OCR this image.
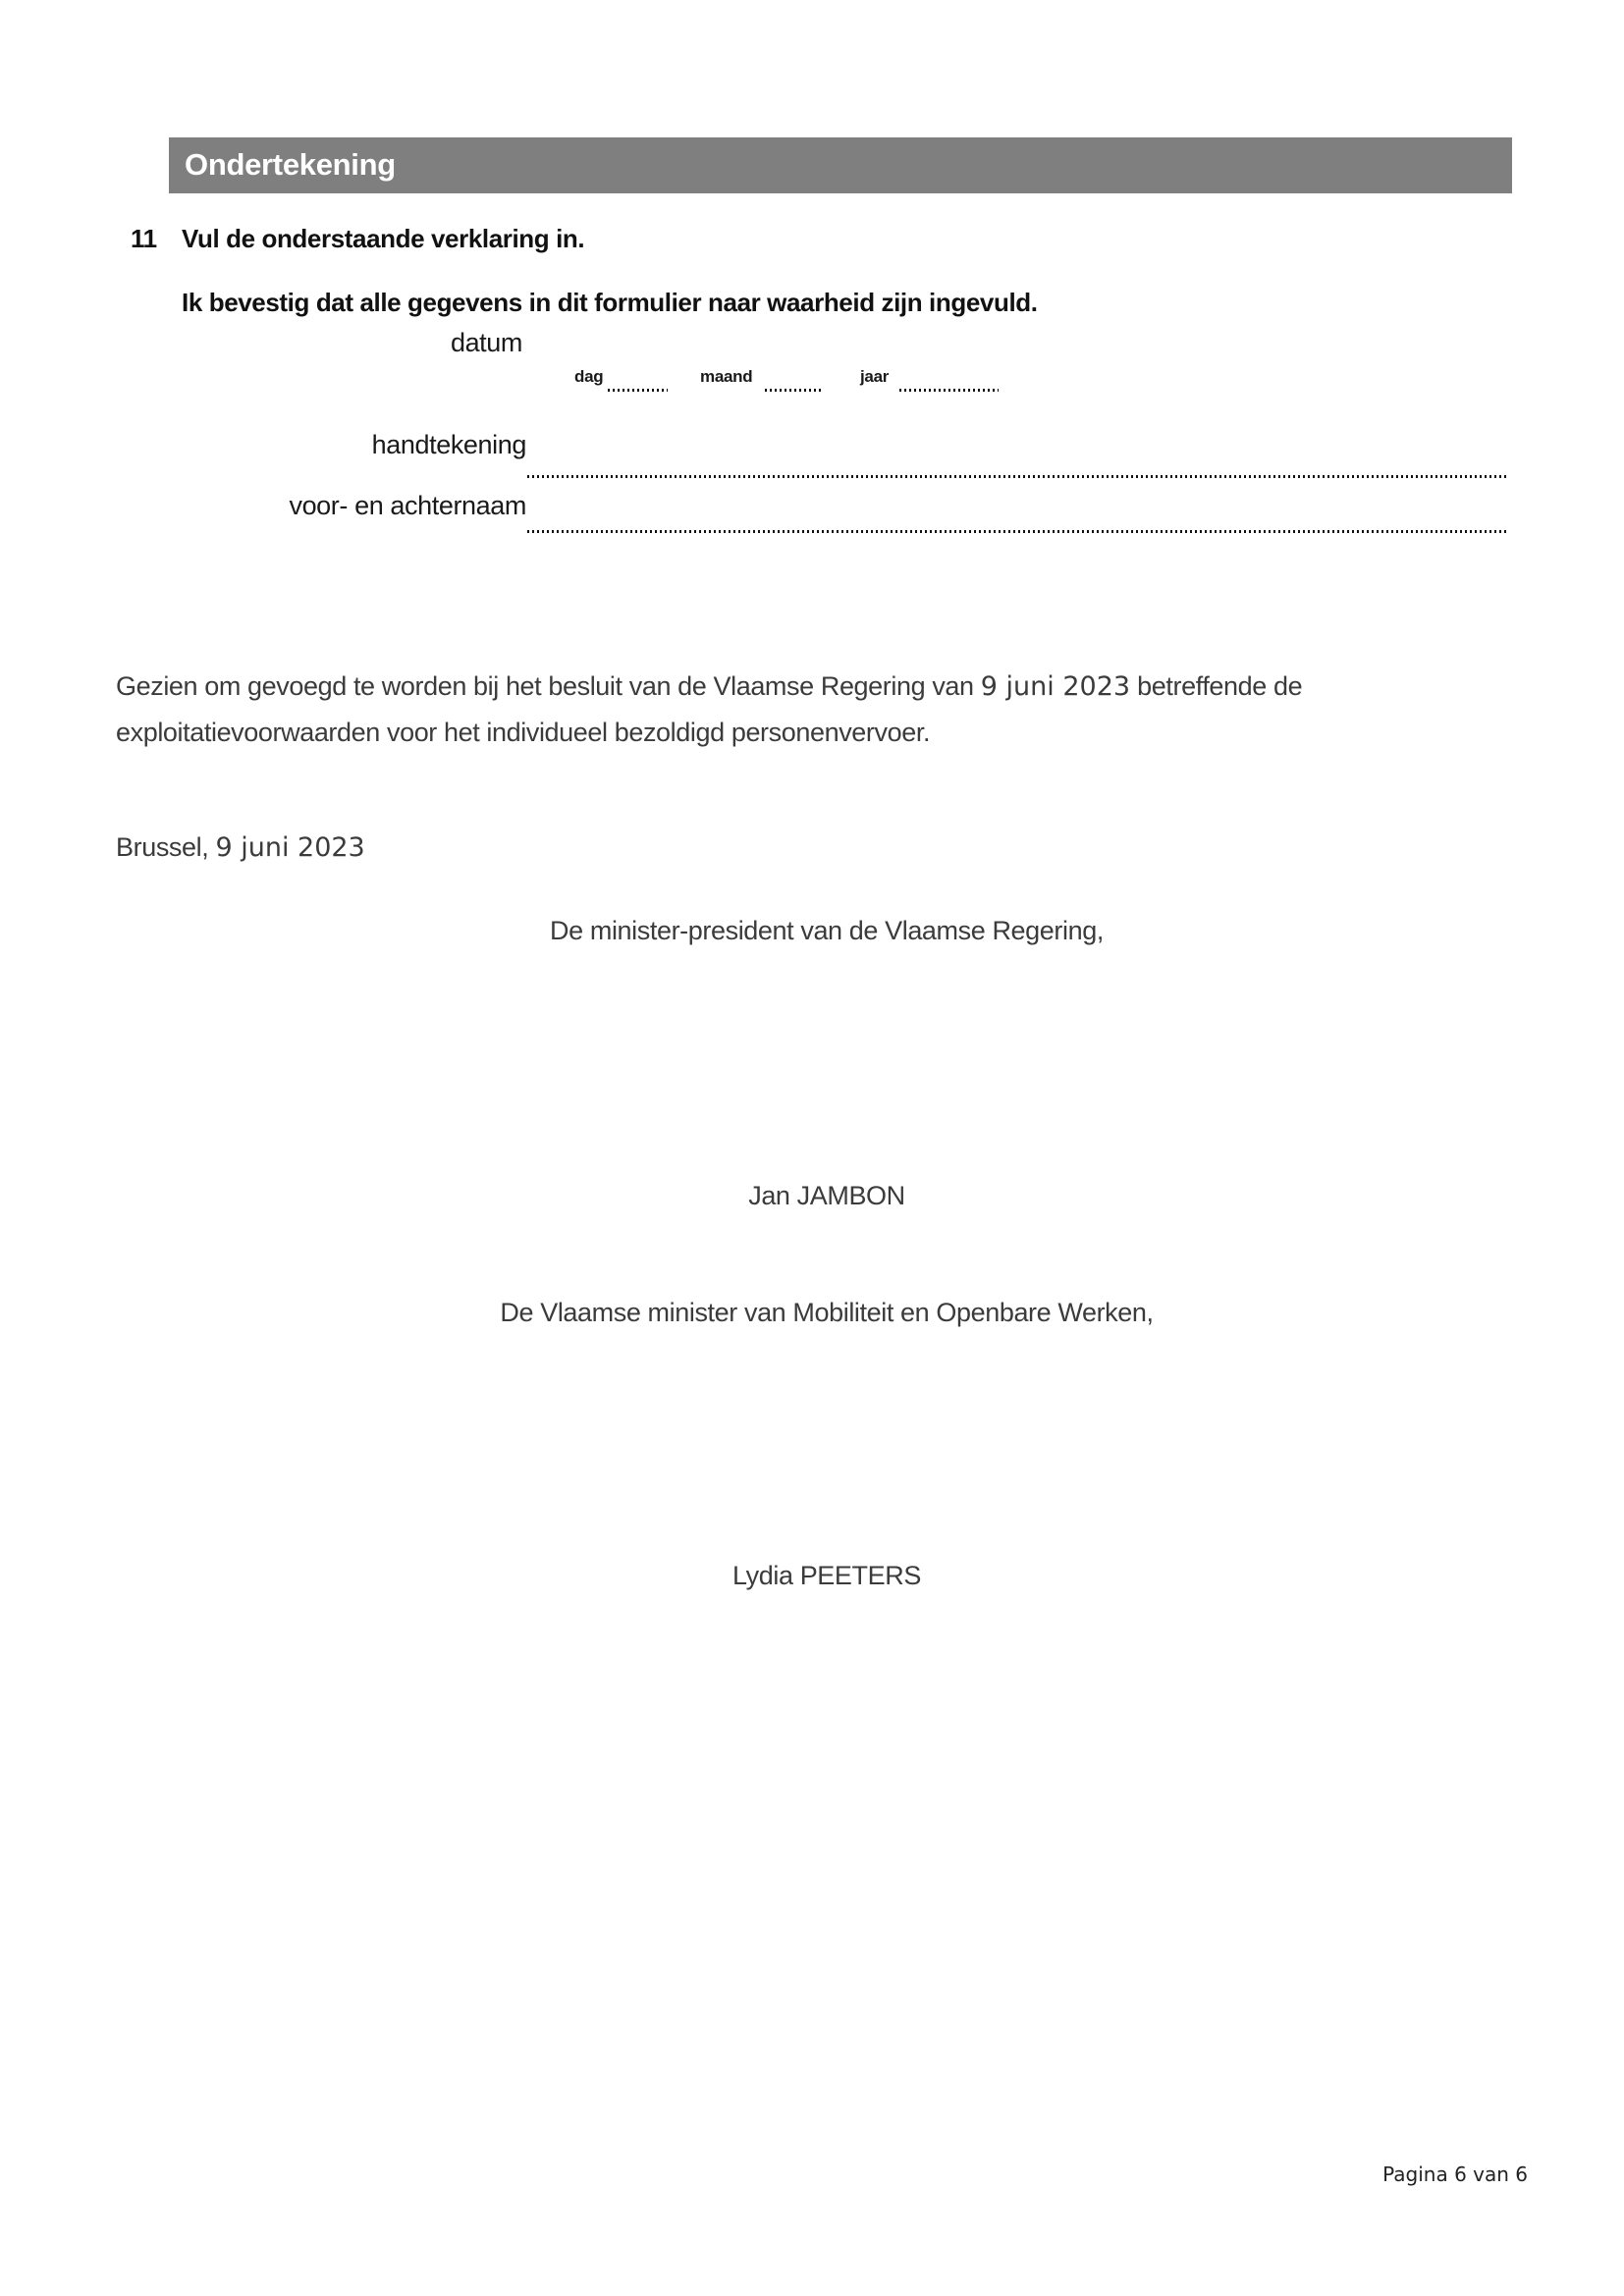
Ondertekening
11 Vul de onderstaande verklaring in.
Ik bevestig dat alle gegevens in dit formulier naar waarheid zijn ingevuld.
datum
dag	maand	jaar
handtekening
voor- en achternaam
Gezien om gevoegd te worden bij het besluit van de Vlaamse Regering van 9 juni 2023 betreffende de exploitatievoorwaarden voor het individueel bezoldigd personenvervoer.
Brussel, 9 juni 2023
De minister-president van de Vlaamse Regering,
Jan JAMBON
De Vlaamse minister van Mobiliteit en Openbare Werken,
Lydia PEETERS
Pagina 6 van 6
